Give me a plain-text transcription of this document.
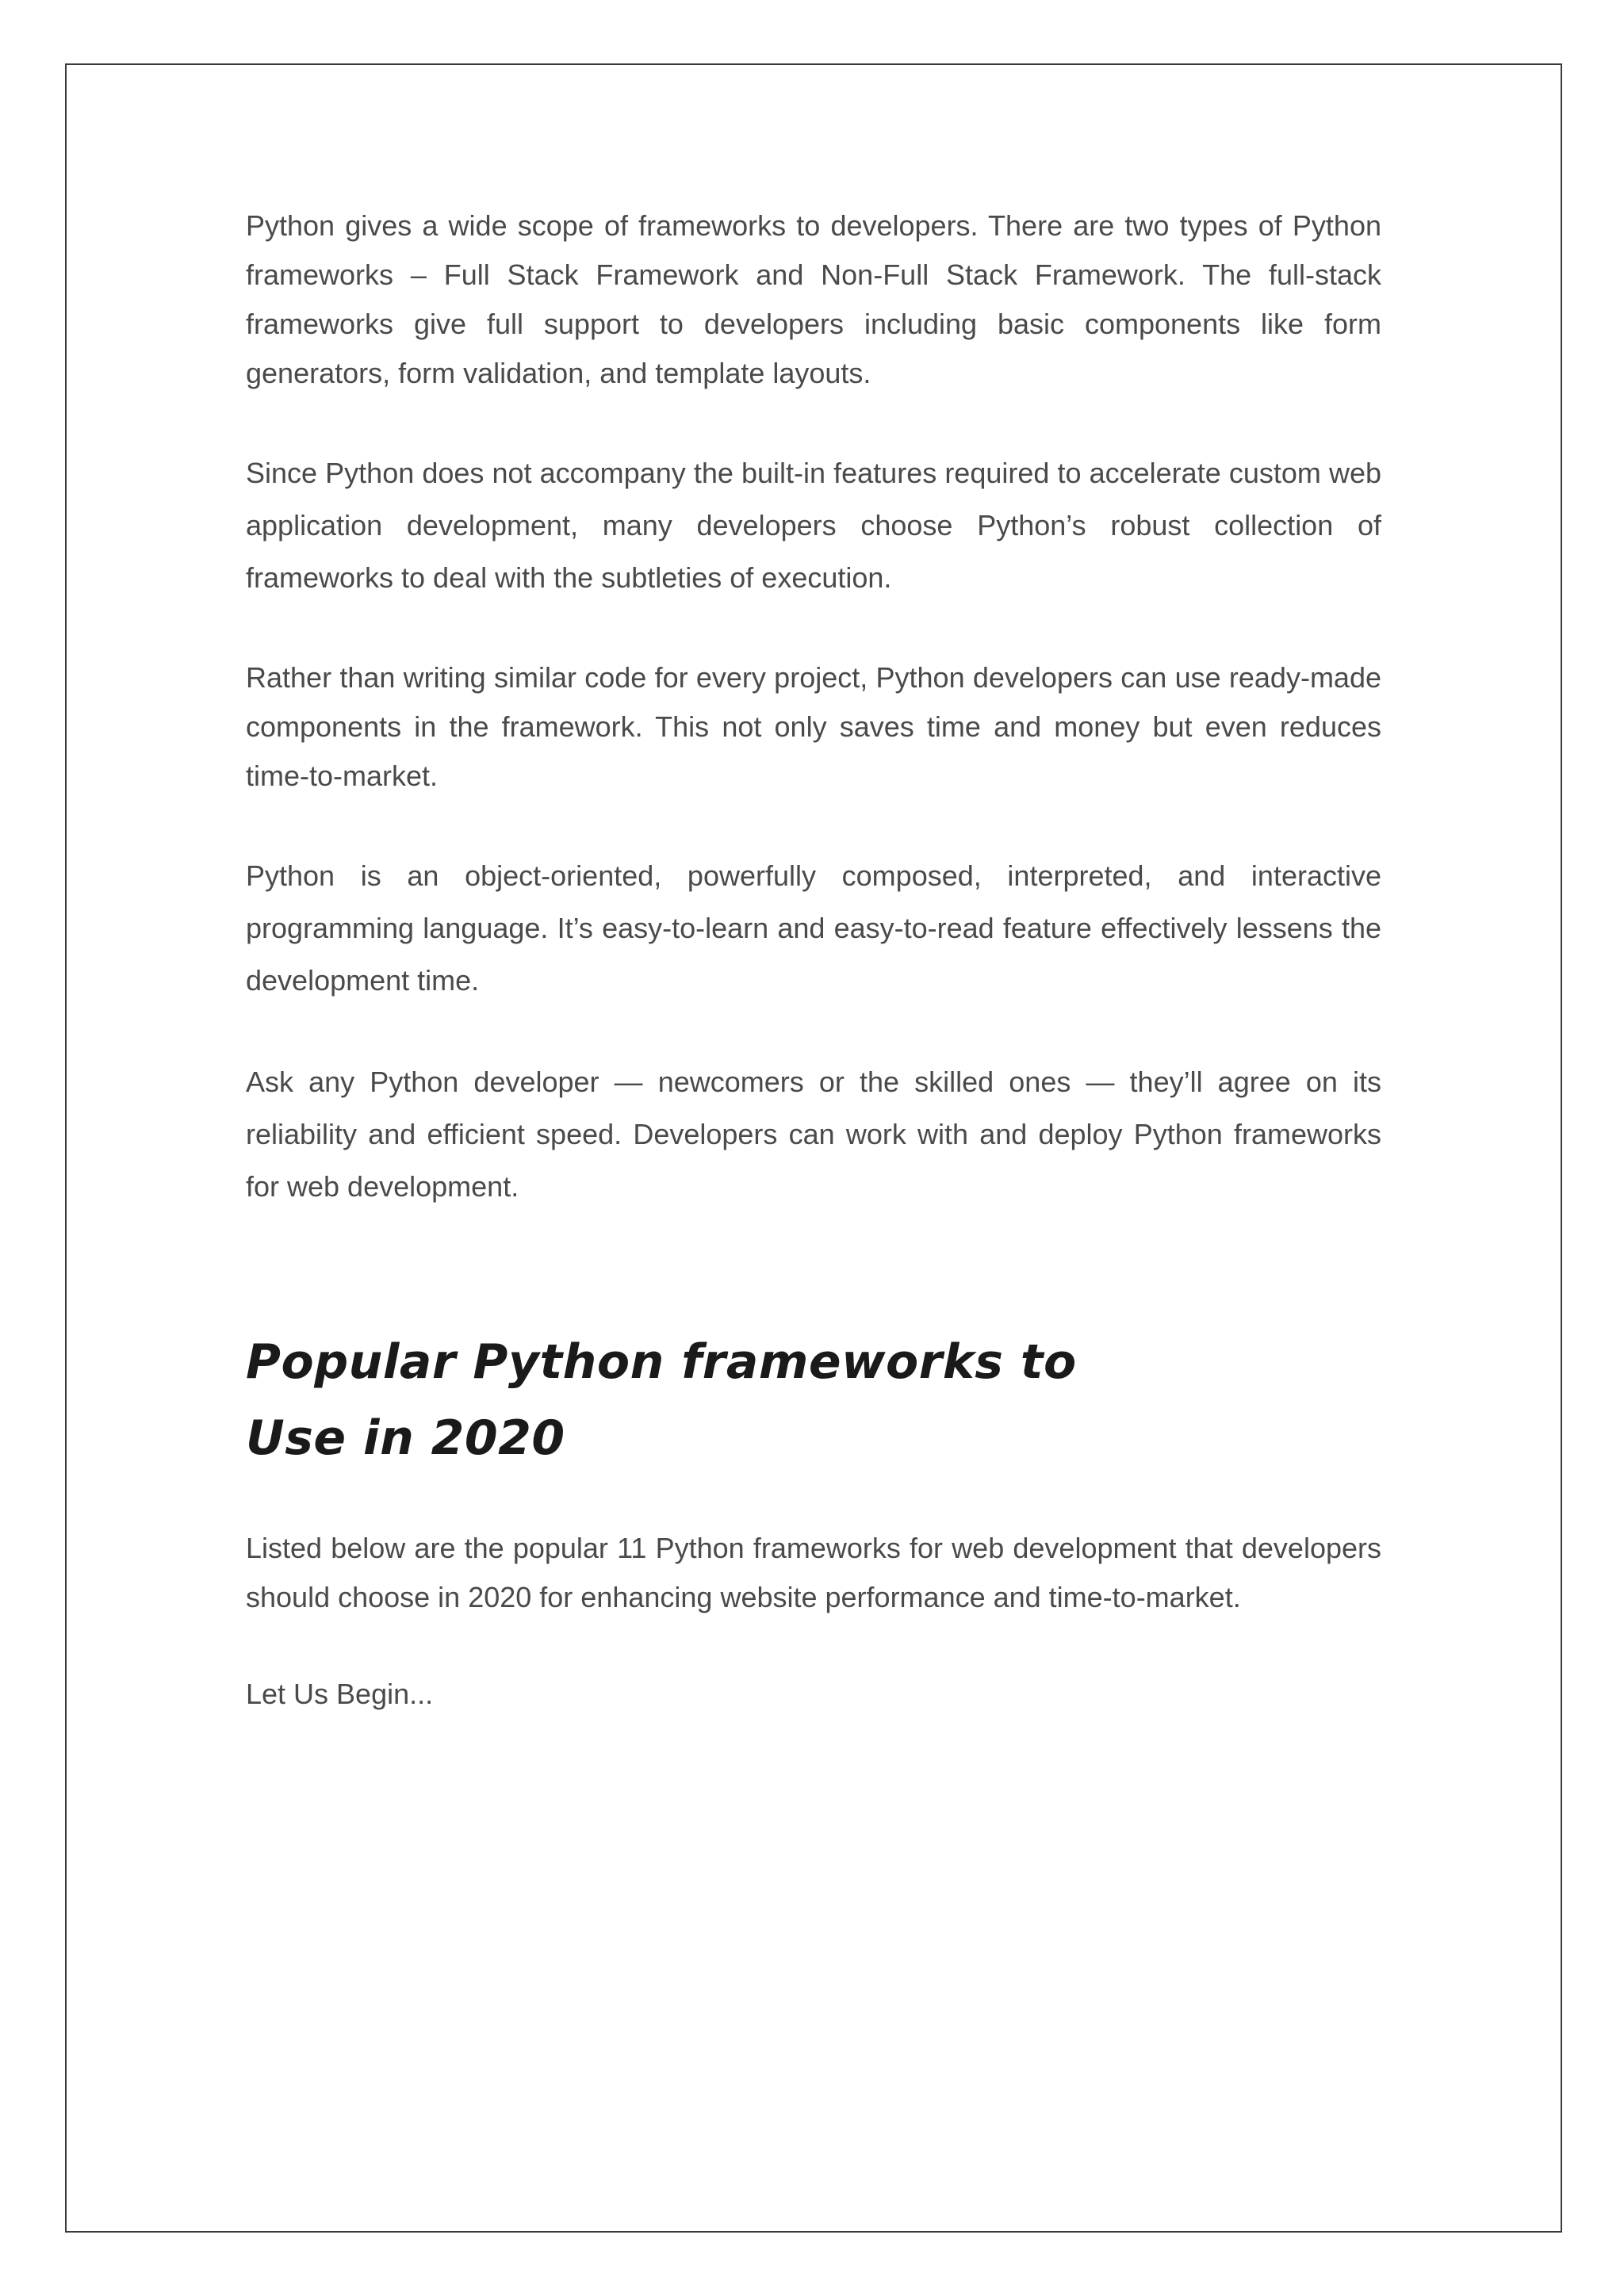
Python gives a wide scope of frameworks to developers. There are two types of Python frameworks – Full Stack Framework and Non-Full Stack Framework. The full-stack frameworks give full support to developers including basic components like form generators, form validation, and template layouts.

Since Python does not accompany the built-in features required to accelerate custom web application development, many developers choose Python’s robust collection of frameworks to deal with the subtleties of execution.

Rather than writing similar code for every project, Python developers can use ready-made components in the framework. This not only saves time and money but even reduces time-to-market.

Python is an object-oriented, powerfully composed, interpreted, and interactive programming language. It’s easy-to-learn and easy-to-read feature effectively lessens the development time.

Ask any Python developer — newcomers or the skilled ones — they’ll agree on its reliability and efficient speed. Developers can work with and deploy Python frameworks for web development.

Popular Python frameworks to Use in 2020

Listed below are the popular 11 Python frameworks for web development that developers should choose in 2020 for enhancing website performance and time-to-market.

Let Us Begin...
